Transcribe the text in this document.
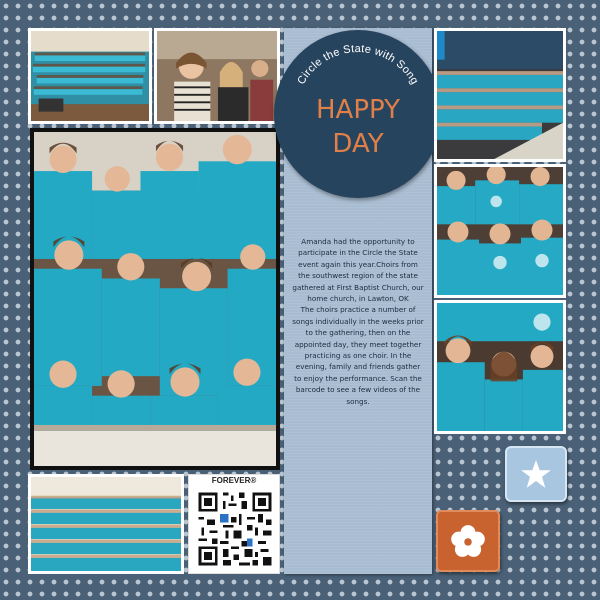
FOREVER®
Circle the State with Song
HAPPY
DAY

Amanda had the opportunity to participate in the Circle the State event again this year.Choirs from the southwest region of the state gathered at First Baptist Church, our home church, in Lawton, OK

The choirs practice a number of songs individually in the weeks prior to the gathering, then on the appointed day, they meet together practicing as one choir. In the evening, family and friends gather to enjoy the performance. Scan the barcode to see a few videos of the songs.
